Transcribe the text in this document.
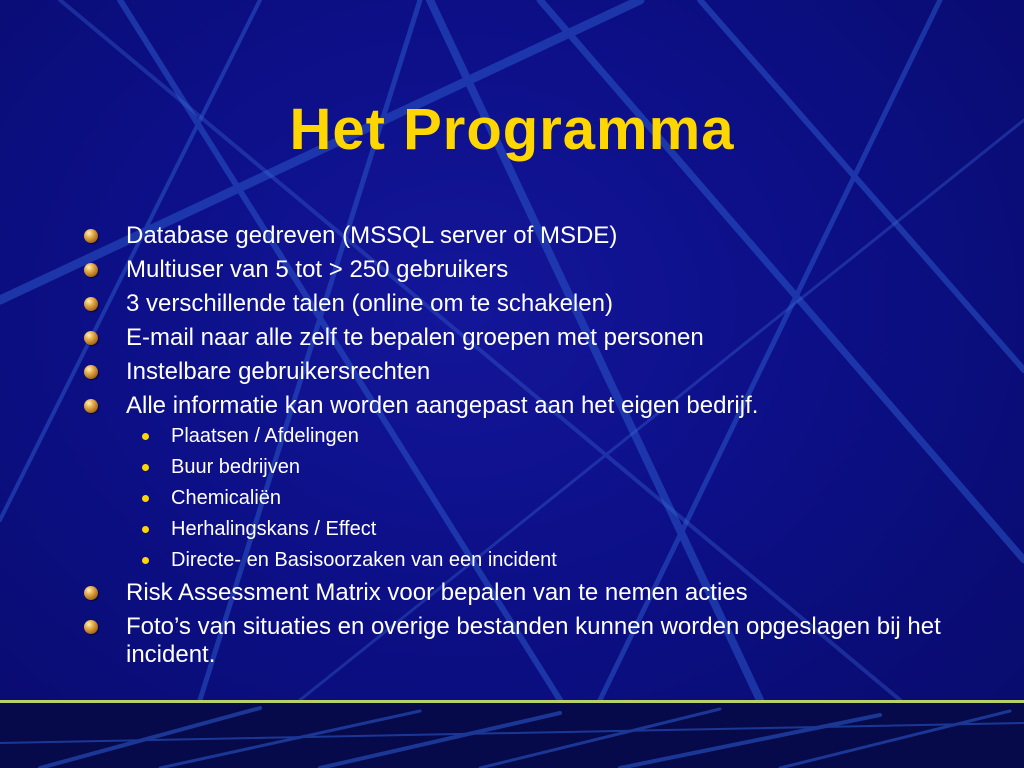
Het Programma
Database gedreven (MSSQL server of MSDE)
Multiuser van 5 tot > 250 gebruikers
3 verschillende talen (online om te schakelen)
E-mail naar alle zelf te bepalen groepen met personen
Instelbare gebruikersrechten
Alle informatie kan worden aangepast aan het eigen bedrijf.
Plaatsen / Afdelingen
Buur bedrijven
Chemicaliën
Herhalingskans / Effect
Directe- en Basisoorzaken van een incident
Risk Assessment Matrix voor bepalen van te nemen acties
Foto’s van situaties en overige bestanden kunnen worden opgeslagen bij het incident.
